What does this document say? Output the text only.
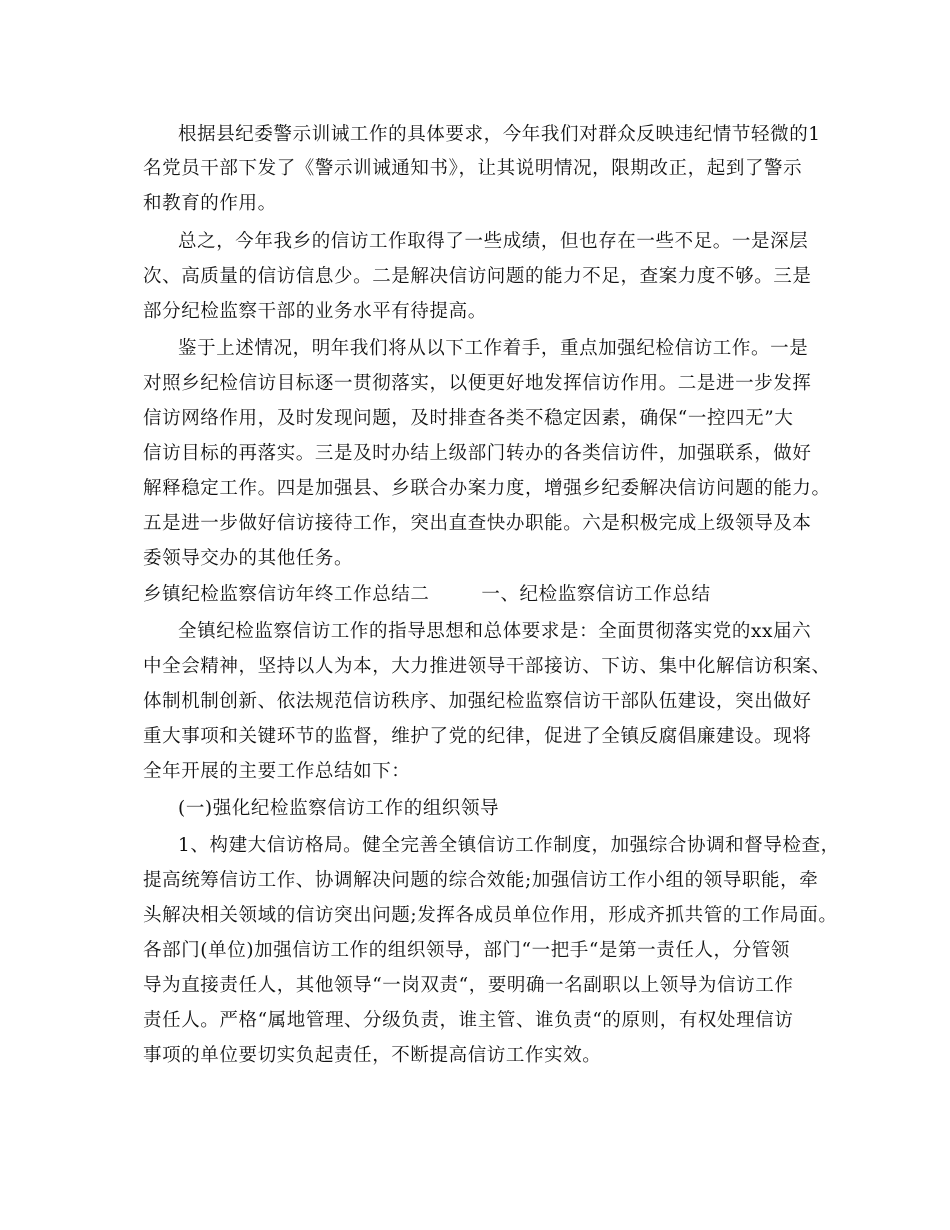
根据县纪委警示训诫工作的具体要求，今年我们对群众反映违纪情节轻微的1
名党员干部下发了《警示训诫通知书》，让其说明情况，限期改正，起到了警示
和教育的作用。
总之，今年我乡的信访工作取得了一些成绩，但也存在一些不足。一是深层
次、高质量的信访信息少。二是解决信访问题的能力不足，查案力度不够。三是
部分纪检监察干部的业务水平有待提高。
鉴于上述情况，明年我们将从以下工作着手，重点加强纪检信访工作。一是
对照乡纪检信访目标逐一贯彻落实，以便更好地发挥信访作用。二是进一步发挥
信访网络作用，及时发现问题，及时排查各类不稳定因素，确保“一控四无”大
信访目标的再落实。三是及时办结上级部门转办的各类信访件，加强联系，做好
解释稳定工作。四是加强县、乡联合办案力度，增强乡纪委解决信访问题的能力。
五是进一步做好信访接待工作，突出直查快办职能。六是积极完成上级领导及本
委领导交办的其他任务。
乡镇纪检监察信访年终工作总结二        一、纪检监察信访工作总结
全镇纪检监察信访工作的指导思想和总体要求是：全面贯彻落实党的xx届六
中全会精神，坚持以人为本，大力推进领导干部接访、下访、集中化解信访积案、
体制机制创新、依法规范信访秩序、加强纪检监察信访干部队伍建设，突出做好
重大事项和关键环节的监督，维护了党的纪律，促进了全镇反腐倡廉建设。现将
全年开展的主要工作总结如下：
(一)强化纪检监察信访工作的组织领导
1、构建大信访格局。健全完善全镇信访工作制度，加强综合协调和督导检查，
提高统筹信访工作、协调解决问题的综合效能;加强信访工作小组的领导职能，牵
头解决相关领域的信访突出问题;发挥各成员单位作用，形成齐抓共管的工作局面。
各部门(单位)加强信访工作的组织领导，部门“一把手“是第一责任人，分管领
导为直接责任人，其他领导“一岗双责“，要明确一名副职以上领导为信访工作
责任人。严格“属地管理、分级负责，谁主管、谁负责“的原则，有权处理信访
事项的单位要切实负起责任，不断提高信访工作实效。
